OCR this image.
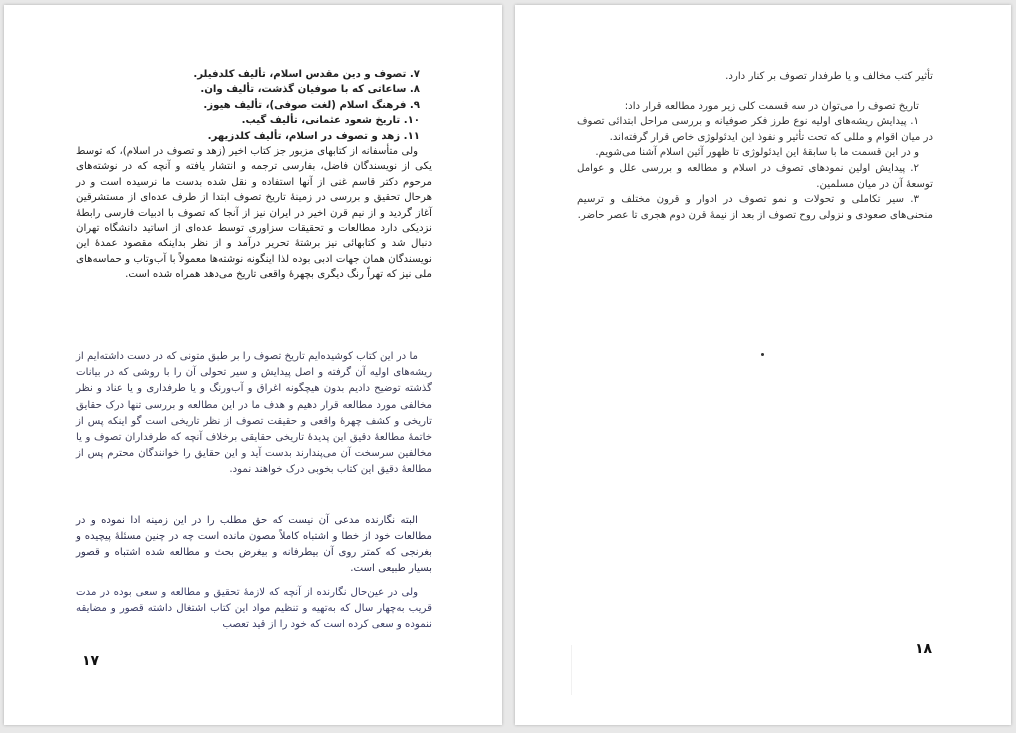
۷. تصوف و دین مقدس اسلام، تألیف کلدفیلر.

۸. ساعاتی که با صوفیان گذشت، تألیف وان.

۹. فرهنگ اسلام (لغت صوفی)، تألیف هیوز.

۱۰. تاریخ شعود عثمانی، تألیف گیب.

۱۱. زهد و تصوف در اسلام، تألیف کلدزیهر.

ولی متأسفانه از کتابهای مزبور جز کتاب اخیر (زهد و تصوف در اسلام)، که توسط یکی از نویسندگان فاضل، بفارسی ترجمه و انتشار یافته و آنچه که در نوشته‌های مرحوم دکتر قاسم غنی از آنها استفاده و نقل شده بدست ما نرسیده است و در هرحال تحقیق و بررسی در زمینهٔ تاریخ تصوف ابتدا از طرف عده‌ای از مستشرقین آغاز گردید و از نیم قرن اخیر در ایران نیز از آنجا که تصوف با ادبیات فارسی رابطهٔ نزدیکی دارد مطالعات و تحقیقات سزاوری توسط عده‌ای از اساتید دانشگاه تهران دنبال شد و کتابهائی نیز برشتهٔ تحریر درآمد و از نظر بداینکه مقصود عمدهٔ این نویسندگان همان جهات ادبی بوده لذا اینگونه نوشته‌ها معمولاً با آب‌وتاب و حماسه‌های ملی نیز که تهراً رنگ دیگری بچهرهٔ واقعی تاریخ می‌دهد همراه شده است.

ما در این کتاب کوشیده‌ایم تاریخ تصوف را بر طبق متونی که در دست داشته‌ایم از ریشه‌های اولیه آن گرفته و اصل پیدایش و سیر تحولی آن را با روشی که در بیانات گذشته توضیح دادیم بدون هیچگونه اغراق و آب‌ورنگ و یا طرفداری و یا عناد و نظر مخالفی مورد مطالعه قرار دهیم و هدف ما در این مطالعه و بررسی تنها درک حقایق تاریخی و کشف چهرهٔ واقعی و حقیقت تصوف از نظر تاریخی است گو اینکه پس از خاتمهٔ مطالعهٔ دقیق این پدیدهٔ تاریخی حقایقی برخلاف آنچه که طرفداران تصوف و یا مخالفین سرسخت آن می‌پندارند بدست آید و این حقایق را خوانندگان محترم پس از مطالعهٔ دقیق این کتاب بخوبی درک خواهند نمود.

البته نگارنده مدعی آن نیست که حق مطلب را در این زمینه ادا نموده و در مطالعات خود از خطا و اشتباه کاملاً مصون مانده است چه در چنین مسئلهٔ پیچیده و بغرنجی که کمتر روی آن بیطرفانه و بیغرض بحث و مطالعه شده اشتباه و قصور بسیار طبیعی است.

ولی در عین‌حال نگارنده از آنچه که لازمهٔ تحقیق و مطالعه و سعی بوده در مدت قریب به‌چهار سال که به‌تهیه و تنظیم مواد این کتاب اشتغال داشته قصور و مضایقه ننموده و سعی کرده است که خود را از قید تعصب

۱۷

تأثیر کتب مخالف و یا طرفدار تصوف بر کنار دارد.

تاریخ تصوف را می‌توان در سه قسمت کلی زیر مورد مطالعه قرار داد:

۱. پیدایش ریشه‌های اولیه نوع طرز فکر صوفیانه و بررسی مراحل ابتدائی تصوف در میان اقوام و مللی که تحت تأثیر و نفوذ این ایدئولوژی خاص قرار گرفته‌اند.

و در این قسمت ما با سابقهٔ این ایدئولوژی تا ظهور آئین اسلام آشنا می‌شویم.

۲. پیدایش اولین نمودهای تصوف در اسلام و مطالعه و بررسی علل و عوامل توسعهٔ آن در میان مسلمین.

۳. سیر تکاملی و تحولات و نمو تصوف در ادوار و قرون مختلف و ترسیم منحنی‌های صعودی و نزولی روح تصوف از بعد از نیمهٔ قرن دوم هجری تا عصر حاضر.

۱۸
